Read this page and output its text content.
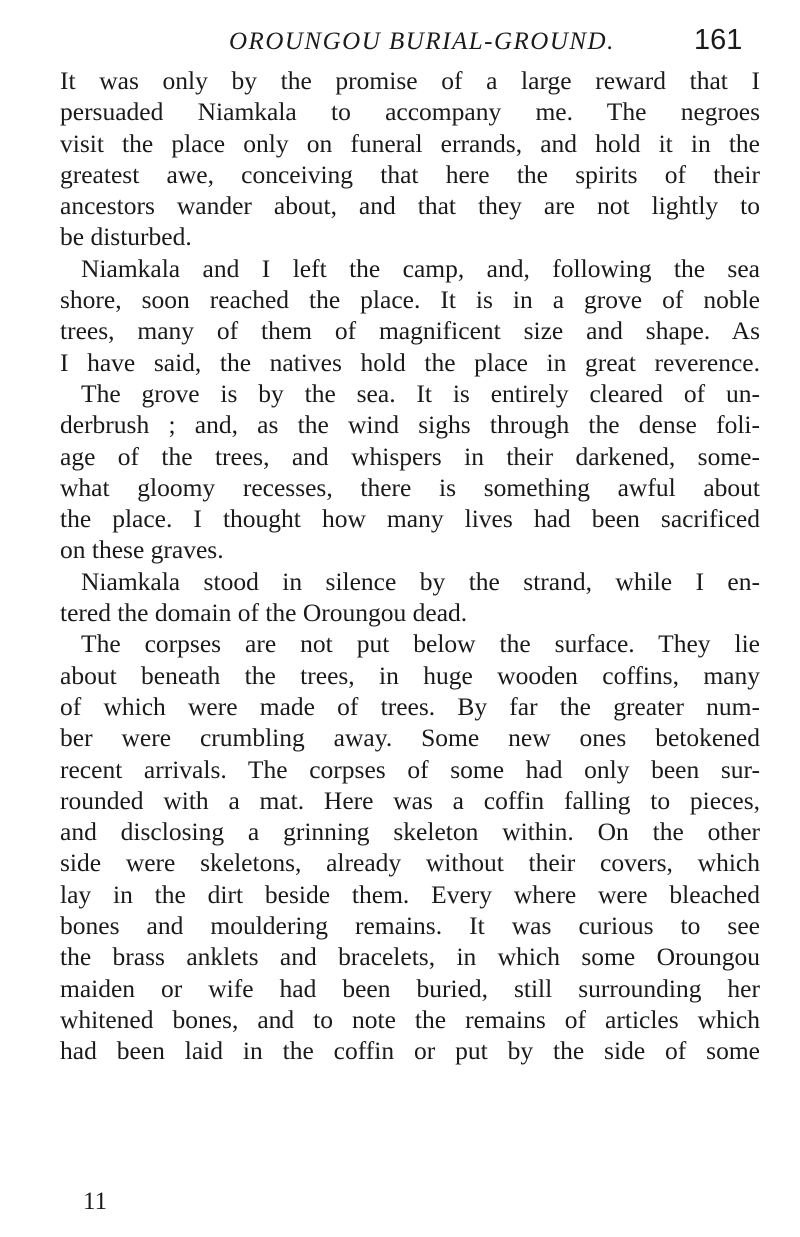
OROUNGOU BURIAL-GROUND.	161
It was only by the promise of a large reward that I
persuaded Niamkala to accompany me. The negroes
visit the place only on funeral errands, and hold it in the
greatest awe, conceiving that here the spirits of their
ancestors wander about, and that they are not lightly to
be disturbed.
Niamkala and I left the camp, and, following the sea
shore, soon reached the place. It is in a grove of noble
trees, many of them of magnificent size and shape. As
I have said, the natives hold the place in great reverence.
The grove is by the sea. It is entirely cleared of un-
derbrush ; and, as the wind sighs through the dense foli-
age of the trees, and whispers in their darkened, some-
what gloomy recesses, there is something awful about
the place. I thought how many lives had been sacrificed
on these graves.
Niamkala stood in silence by the strand, while I en-
tered the domain of the Oroungou dead.
The corpses are not put below the surface. They lie
about beneath the trees, in huge wooden coffins, many
of which were made of trees. By far the greater num-
ber were crumbling away. Some new ones betokened
recent arrivals. The corpses of some had only been sur-
rounded with a mat. Here was a coffin falling to pieces,
and disclosing a grinning skeleton within. On the other
side were skeletons, already without their covers, which
lay in the dirt beside them. Every where were bleached
bones and mouldering remains. It was curious to see
the brass anklets and bracelets, in which some Oroungou
maiden or wife had been buried, still surrounding her
whitened bones, and to note the remains of articles which
had been laid in the coffin or put by the side of some
11
